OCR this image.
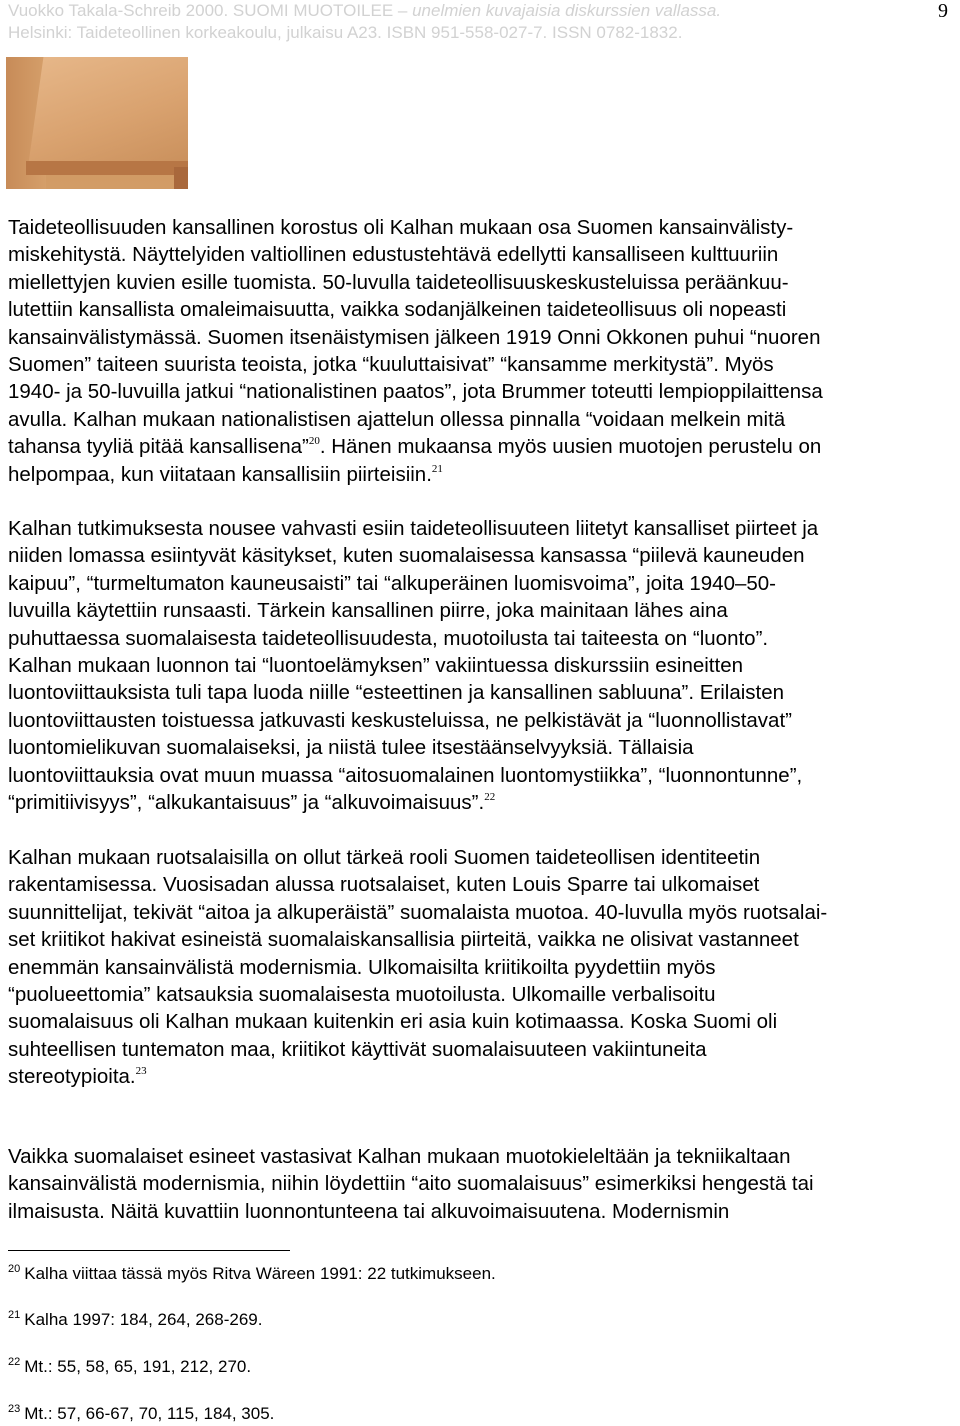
Vuokko Takala-Schreib 2000. SUOMI MUOTOILEE – unelmien kuvajaisia diskurssien vallassa.
Helsinki: Taideteollinen korkeakoulu, julkaisu A23. ISBN 951-558-027-7. ISSN 0782-1832.
9
Taideteollisuuden kansallinen korostus oli Kalhan mukaan osa Suomen kansainvälisty-
miskehitystä. Näyttelyiden valtiollinen edustustehtävä edellytti kansalliseen kulttuuriin
miellettyjen kuvien esille tuomista. 50-luvulla taideteollisuuskeskusteluissa peräänkuu-
lutettiin kansallista omaleimaisuutta, vaikka sodanjälkeinen taideteollisuus oli nopeasti
kansainvälistymässä. Suomen itsenäistymisen jälkeen 1919 Onni Okkonen puhui “nuoren
Suomen” taiteen suurista teoista, jotka “kuuluttaisivat” “kansamme merkitystä”. Myös
1940- ja 50-luvuilla jatkui “nationalistinen paatos”, jota Brummer toteutti lempioppilaittensa
avulla. Kalhan mukaan nationalistisen ajattelun ollessa pinnalla “voidaan melkein mitä
tahansa tyyliä pitää kansallisena”$^{20}$. Hänen mukaansa myös uusien muotojen perustelu on
helpompaa, kun viitataan kansallisiin piirteisiin.$^{21}$
Kalhan tutkimuksesta nousee vahvasti esiin taideteollisuuteen liitetyt kansalliset piirteet ja
niiden lomassa esiintyvät käsitykset, kuten suomalaisessa kansassa “piilevä kauneuden
kaipuu”, “turmeltumaton kauneusaisti” tai “alkuperäinen luomisvoima”, joita 1940–50-
luvuilla käytettiin runsaasti. Tärkein kansallinen piirre, joka mainitaan lähes aina
puhuttaessa suomalaisesta taideteollisuudesta, muotoilusta tai taiteesta on “luonto”.
Kalhan mukaan luonnon tai “luontoelämyksen” vakiintuessa diskurssiin esineitten
luontoviittauksista tuli tapa luoda niille “esteettinen ja kansallinen sabluuna”. Erilaisten
luontoviittausten toistuessa jatkuvasti keskusteluissa, ne pelkistävät ja “luonnollistavat”
luontomielikuvan suomalaiseksi, ja niistä tulee itsestäänselvyyksiä. Tällaisia
luontoviittauksia ovat muun muassa “aitosuomalainen luontomystiikka”, “luonnontunne”,
“primitiivisyys”, “alkukantaisuus” ja “alkuvoimaisuus”.$^{22}$
Kalhan mukaan ruotsalaisilla on ollut tärkeä rooli Suomen taideteollisen identiteetin
rakentamisessa. Vuosisadan alussa ruotsalaiset, kuten Louis Sparre tai ulkomaiset
suunnittelijat, tekivät “aitoa ja alkuperäistä” suomalaista muotoa. 40-luvulla myös ruotsalai-
set kriitikot hakivat esineistä suomalaiskansallisia piirteitä, vaikka ne olisivat vastanneet
enemmän kansainvälistä modernismia. Ulkomaisilta kriitikoilta pyydettiin myös
“puolueettomia” katsauksia suomalaisesta muotoilusta. Ulkomaille verbalisoitu
suomalaisuus oli Kalhan mukaan kuitenkin eri asia kuin kotimaassa. Koska Suomi oli
suhteellisen tuntematon maa, kriitikot käyttivät suomalaisuuteen vakiintuneita
stereotypioita.$^{23}$
Vaikka suomalaiset esineet vastasivat Kalhan mukaan muotokieleltään ja tekniikaltaan
kansainvälistä modernismia, niihin löydettiin “aito suomalaisuus” esimerkiksi hengestä tai
ilmaisusta. Näitä kuvattiin luonnontunteena tai alkuvoimaisuutena. Modernismin
$^{20}$ Kalha viittaa tässä myös Ritva Wäreen 1991: 22 tutkimukseen.
$^{21}$ Kalha 1997: 184, 264, 268-269.
$^{22}$ Mt.: 55, 58, 65, 191, 212, 270.
$^{23}$ Mt.: 57, 66-67, 70, 115, 184, 305.
